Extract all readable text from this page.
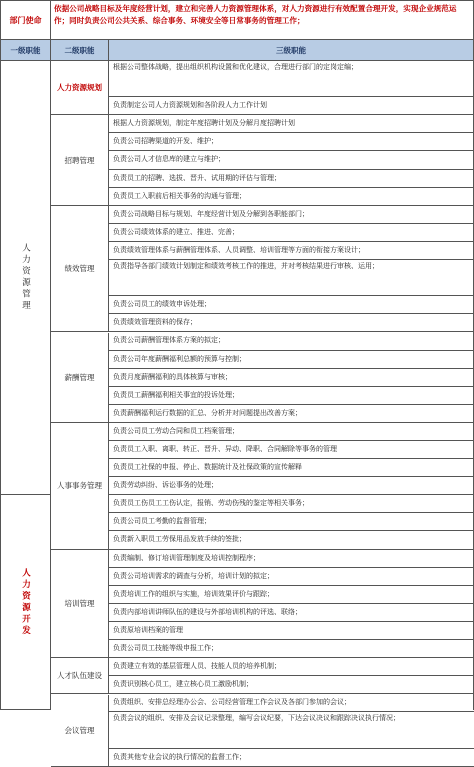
部门使命
依据公司战略目标及年度经营计划，建立和完善人力资源管理体系，对人力资源进行有效配置合理开发，实现企业规范运作；同时负责公司公共关系、综合事务、环境安全等日常事务的管理工作；
一级职能	二级职能	三级职能
人力资源管理
人力资源开发
人力资源规划
招聘管理
绩效管理
薪酬管理
人事事务管理
培训管理
人才队伍建设
会议管理
根据公司整体战略，提出组织机构设置和优化建议，合理进行部门的定岗定编；
负责制定公司人力资源规划和各阶段人力工作计划
根据人力资源规划，制定年度招聘计划及分解月度招聘计划
负责公司招聘渠道的开发、维护；
负责公司人才信息库的建立与维护；
负责员工的招聘、选拔、晋升、试用期的评估与管理；
负责员工入职前后相关事务的沟通与管理；
负责公司战略目标与规划、年度经营计划及分解到各职能部门；
负责公司绩效体系的建立、推进、完善；
负责绩效管理体系与薪酬管理体系、人员调整、培训管理等方面的衔接方案设计；
负责指导各部门绩效计划制定和绩效考核工作的推进，并对考核结果进行审核、运用；
负责公司员工的绩效申诉处理；
负责绩效管理资料的保存；
负责公司薪酬管理体系方案的拟定；
负责公司年度薪酬福利总额的预算与控制；
负责月度薪酬福利的具体核算与审核；
负责员工薪酬福利相关事宜的投诉处理；
负责薪酬福利运行数据的汇总、分析并对问题提出改善方案；
负责公司员工劳动合同和员工档案管理；
负责员工入职、离职、转正、晋升、异动、降职、合同解除等事务的管理
负责员工社保的申报、停止、数据统计及社保政策的宣传解释
负责劳动纠纷、诉讼事务的处理；
负责员工伤员工工伤认定，报销、劳动伤残的鉴定等相关事务；
负责公司员工考勤的监督管理；
负责新入职员工劳保用品发放手续的签批；
负责编制、修订培训管理制度及培训控制程序；
负责公司培训需求的调查与分析，培训计划的拟定；
负责培训工作的组织与实施，培训效果评价与跟踪；
负责内部培训讲师队伍的建设与外部培训机构的评选、联络；
负责原培训档案的管理
负责公司员工技能等级申报工作；
负责建立有效的基层管理人员、技能人员的培养机制；
负责识别核心员工，建立核心员工激励机制；
负责组织、安排总经理办公会、公司经营管理工作会议及各部门参加的会议；
负责会议的组织、安排及会议记录整理，编写会议纪要，下达会议决议和跟踪决议执行情况；
负责其他专业会议的执行情况的监督工作；
